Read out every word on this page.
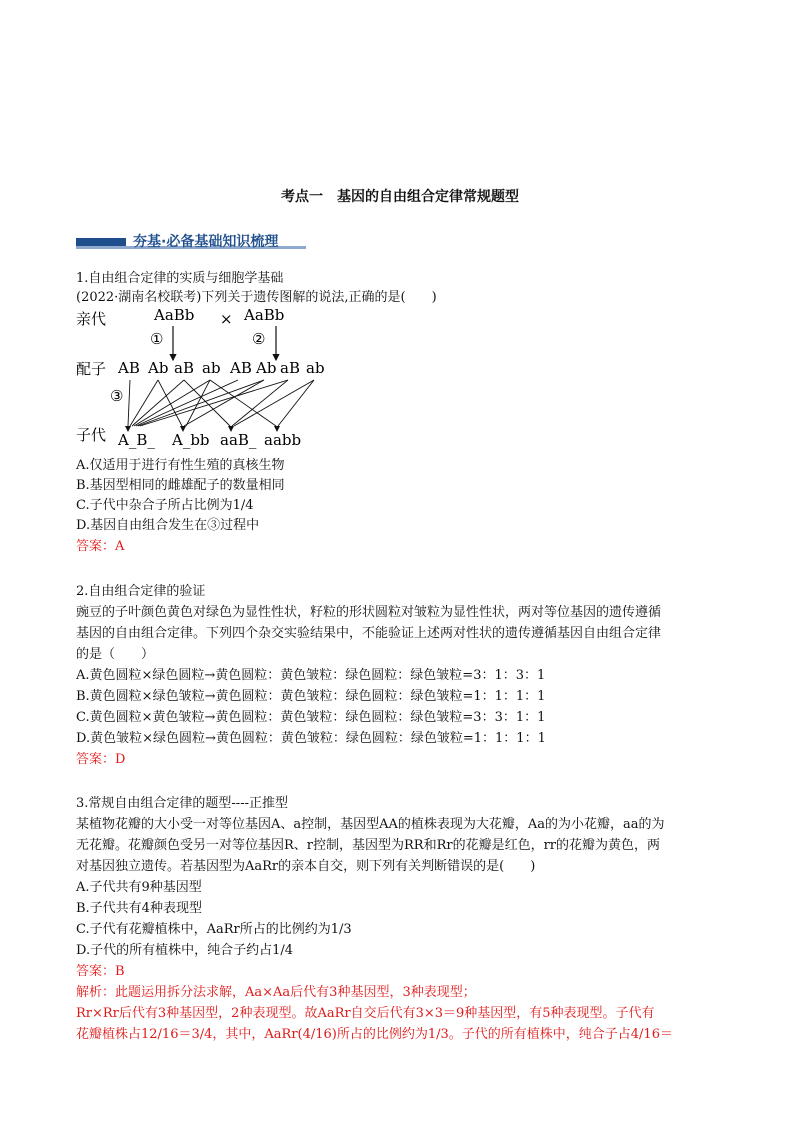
考点一　基因的自由组合定律常规题型
夯基·必备基础知识梳理
1.自由组合定律的实质与细胞学基础
(2022·湖南名校联考)下列关于遗传图解的说法,正确的是(　　)
亲代
配子
子代
AaBb × AaBb
①	②
③
AB Ab aB ab AB Ab aB ab
A_B_ A_bb aaB_ aabb
A.仅适用于进行有性生殖的真核生物
B.基因型相同的雌雄配子的数量相同
C.子代中杂合子所占比例为1/4
D.基因自由组合发生在③过程中
答案：A
2.自由组合定律的验证
豌豆的子叶颜色黄色对绿色为显性性状，籽粒的形状圆粒对皱粒为显性性状，两对等位基因的遗传遵循
基因的自由组合定律。下列四个杂交实验结果中，不能验证上述两对性状的遗传遵循基因自由组合定律
的是（　　）
A.黄色圆粒×绿色圆粒→黄色圆粒：黄色皱粒：绿色圆粒：绿色皱粒=3：1：3：1
B.黄色圆粒×绿色皱粒→黄色圆粒：黄色皱粒：绿色圆粒：绿色皱粒=1：1：1：1
C.黄色圆粒×黄色皱粒→黄色圆粒：黄色皱粒：绿色圆粒：绿色皱粒=3：3：1：1
D.黄色皱粒×绿色圆粒→黄色圆粒：黄色皱粒：绿色圆粒：绿色皱粒=1：1：1：1
答案：D
3.常规自由组合定律的题型----正推型
某植物花瓣的大小受一对等位基因A、a控制，基因型AA的植株表现为大花瓣，Aa的为小花瓣，aa的为
无花瓣。花瓣颜色受另一对等位基因R、r控制，基因型为RR和Rr的花瓣是红色，rr的花瓣为黄色，两
对基因独立遗传。若基因型为AaRr的亲本自交，则下列有关判断错误的是(　　)
A.子代共有9种基因型
B.子代共有4种表现型
C.子代有花瓣植株中，AaRr所占的比例约为1/3
D.子代的所有植株中，纯合子约占1/4
答案：B
解析：此题运用拆分法求解，Aa×Aa后代有3种基因型，3种表现型；
Rr×Rr后代有3种基因型，2种表现型。故AaRr自交后代有3×3＝9种基因型，有5种表现型。子代有
花瓣植株占12/16＝3/4，其中，AaRr(4/16)所占的比例约为1/3。子代的所有植株中，纯合子占4/16＝
